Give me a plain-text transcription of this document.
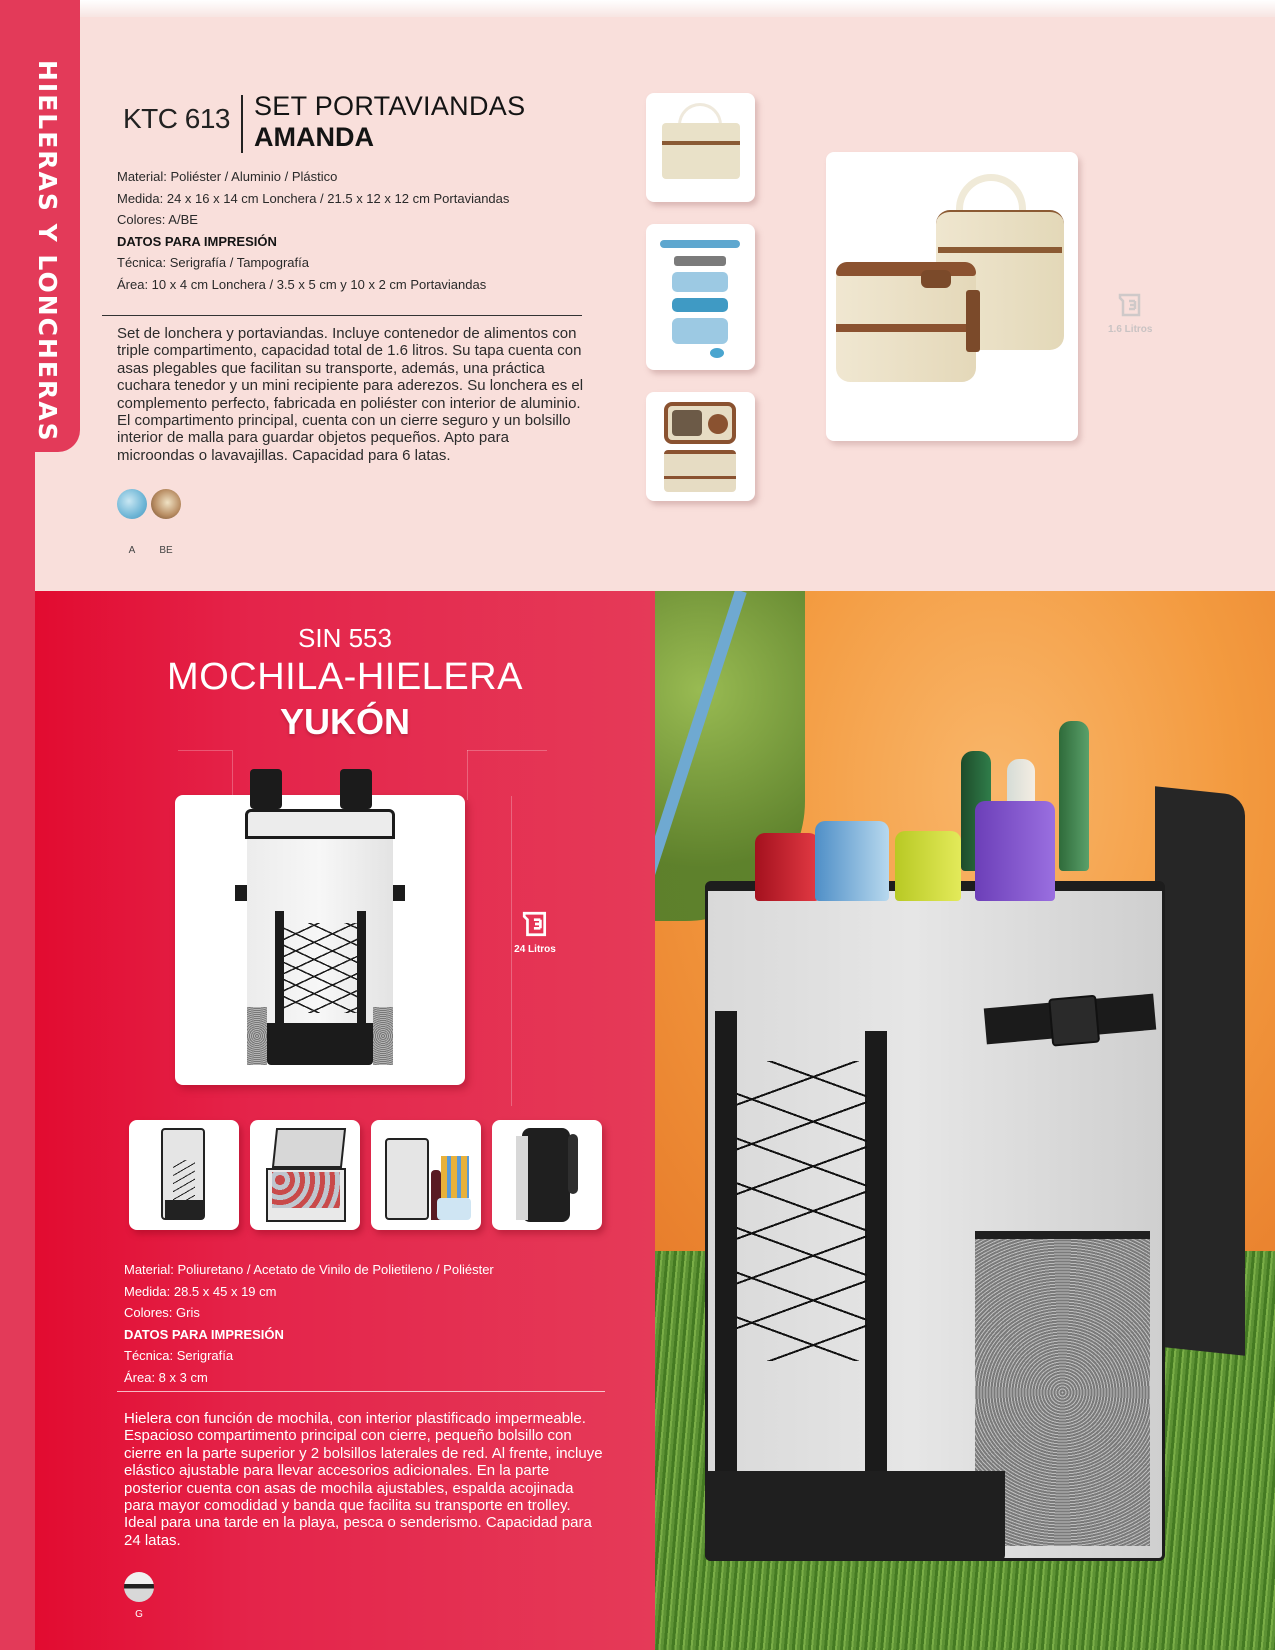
HIELERAS Y LONCHERAS KTC 613 SET PORTAVIANDAS
AMANDA
Material: Poliéster / Aluminio / Plástico
Medida: 24 x 16 x 14 cm Lonchera / 21.5 x 12 x 12 cm Portaviandas
Colores: A/BE
DATOS PARA IMPRESIÓN
Técnica: Serigrafía / Tampografía
Área: 10 x 4 cm Lonchera / 3.5 x 5 cm y 10 x 2 cm Portaviandas

Set de lonchera y portaviandas. Incluye contenedor de alimentos con triple compartimento, capacidad total de 1.6 litros. Su tapa cuenta con asas plegables que facilitan su transporte, además, una práctica cuchara tenedor y un mini recipiente para aderezos. Su lonchera es el complemento perfecto, fabricada en poliéster con interior de aluminio. El compartimento principal, cuenta con un cierre seguro y un bolsillo interior de malla para guardar objetos pequeños. Apto para microondas o lavavajillas. Capacidad para 6 latas.

A	BE
1.6 Litros
SIN 553
MOCHILA-HIELERA
YUKÓN
24 Litros
Material: Poliuretano / Acetato de Vinilo de Polietileno / Poliéster
Medida: 28.5 x 45 x 19 cm
Colores: Gris
DATOS PARA IMPRESIÓN
Técnica: Serigrafía
Área: 8 x 3 cm

Hielera con función de mochila, con interior plastificado impermeable. Espacioso compartimento principal con cierre, pequeño bolsillo con cierre en la parte superior y 2 bolsillos laterales de red. Al frente, incluye elástico ajustable para llevar accesorios adicionales. En la parte posterior cuenta con asas de mochila ajustables, espalda acojinada para mayor comodidad y banda que facilita su transporte en trolley. Ideal para una tarde en la playa, pesca o senderismo. Capacidad para 24 latas.

G
